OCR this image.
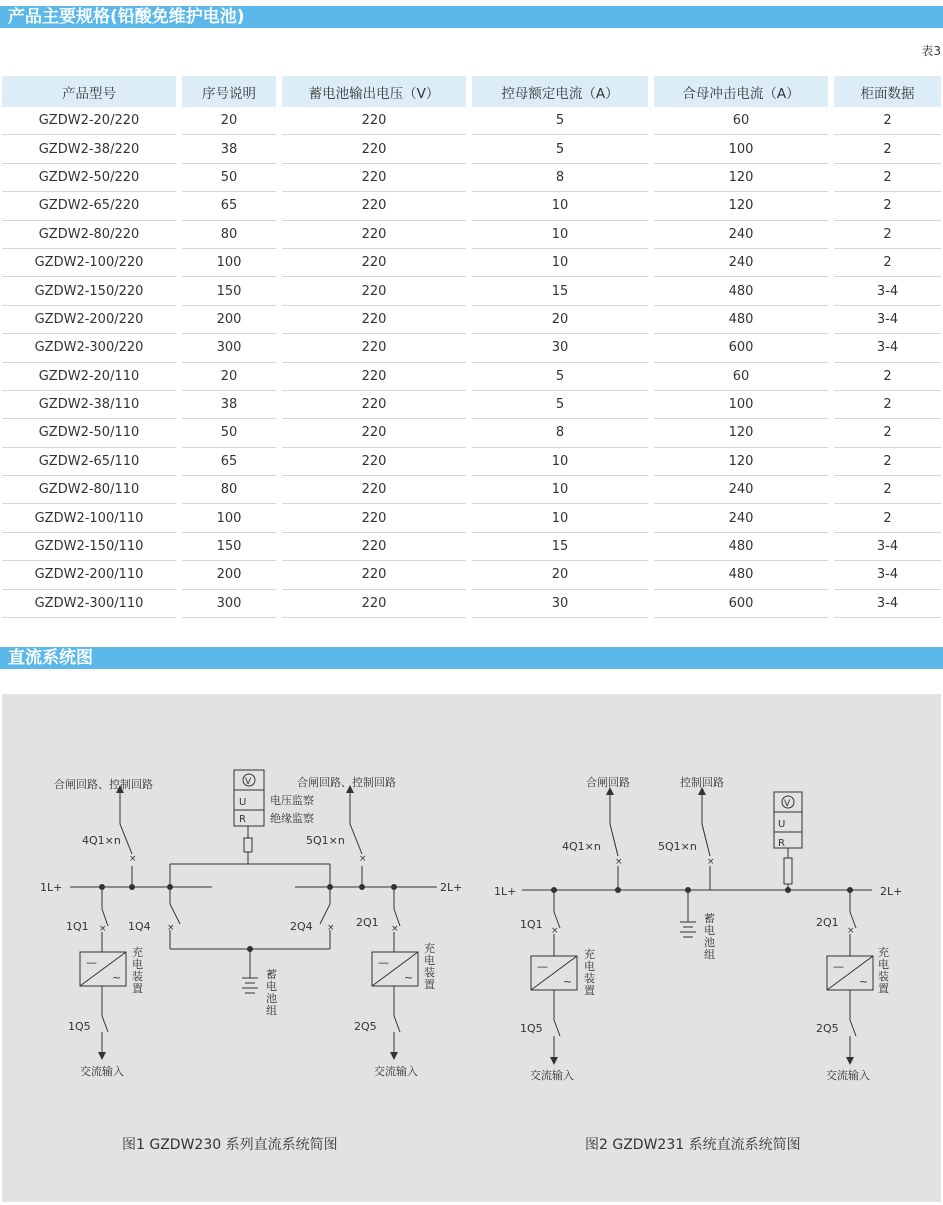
产品主要规格(铅酸免维护电池)
表3
产品型号	序号说明	蓄电池输出电压（V）	控母额定电流（A）	合母冲击电流（A）	柜面数据
GZDW2-20/220	20	220	5	60	2
GZDW2-38/220	38	220	5	100	2
GZDW2-50/220	50	220	8	120	2
GZDW2-65/220	65	220	10	120	2
GZDW2-80/220	80	220	10	240	2
GZDW2-100/220	100	220	10	240	2
GZDW2-150/220	150	220	15	480	3-4
GZDW2-200/220	200	220	20	480	3-4
GZDW2-300/220	300	220	30	600	3-4
GZDW2-20/110	20	220	5	60	2
GZDW2-38/110	38	220	5	100	2
GZDW2-50/110	50	220	8	120	2
GZDW2-65/110	65	220	10	120	2
GZDW2-80/110	80	220	10	240	2
GZDW2-100/110	100	220	10	240	2
GZDW2-150/110	150	220	15	480	3-4
GZDW2-200/110	200	220	20	480	3-4
GZDW2-300/110	300	220	30	600	3-4
直流系统图
×	×
×	×
×	×
×	×
×	×
—
~
—
~
—
~
—
~
合闸回路、控制回路	合闸回路、控制回路
V
U
R
电压监察
绝缘监察
4Q1×n	5Q1×n
1L+	2L+
1Q1	1Q4	2Q4	2Q1
充
电
装
置
充
电
装
置
蓄
电
池
组
1Q5	2Q5
交流输入	交流输入
合闸回路	控制回路
V
U
R
4Q1×n	5Q1×n
1L+	2L+
1Q1	2Q1
充
电
装
置
充
电
装
置
蓄
电
池
组
1Q5	2Q5
交流输入	交流输入
图1 GZDW230 系列直流系统简图	图2 GZDW231 系统直流系统简图
